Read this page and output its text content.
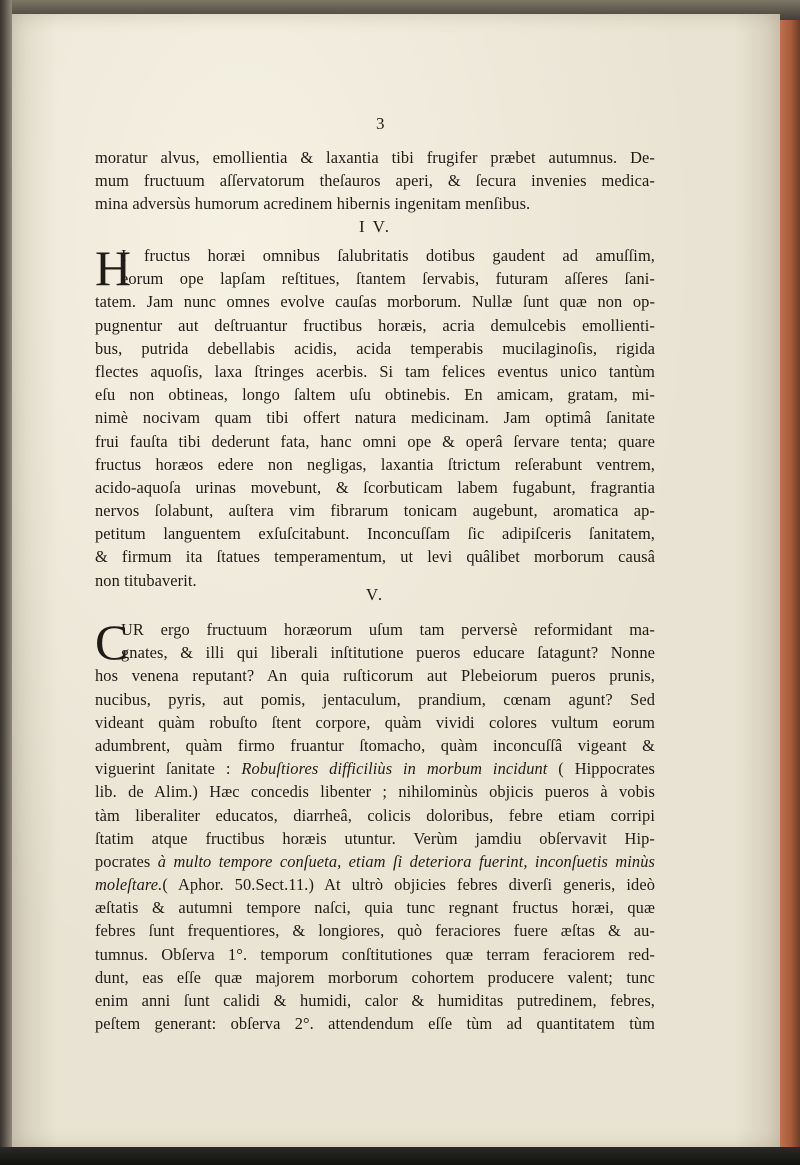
3
moratur alvus, emollientia & laxantia tibi frugifer præbet autumnus. De-
mum fructuum aſſervatorum theſauros aperi, & ſecura invenies medica-
mina adversùs humorum acredinem hibernis ingenitam menſibus.
I V.
H
I fructus horæi omnibus ſalubritatis dotibus gaudent ad amuſſim,
eorum ope lapſam reſtitues, ſtantem ſervabis, futuram aſſeres ſani-
tatem. Jam nunc omnes evolve cauſas morborum. Nullæ ſunt quæ non op-
pugnentur aut deſtruantur fructibus horæis, acria demulcebis emollienti-
bus, putrida debellabis acidis, acida temperabis mucilaginoſis, rigida
flectes aquoſis, laxa ſtringes acerbis. Si tam felices eventus unico tantùm
eſu non obtineas, longo ſaltem uſu obtinebis. En amicam, gratam, mi-
nimè nocivam quam tibi offert natura medicinam. Jam optimâ ſanitate
frui fauſta tibi dederunt fata, hanc omni ope & operâ ſervare tenta; quare
fructus horæos edere non negligas, laxantia ſtrictum reſerabunt ventrem,
acido-aquoſa urinas movebunt, & ſcorbuticam labem fugabunt, fragrantia
nervos ſolabunt, auſtera vim fibrarum tonicam augebunt, aromatica ap-
petitum languentem exſuſcitabunt. Inconcuſſam ſic adipiſceris ſanitatem,
& firmum ita ſtatues temperamentum, ut levi quâlibet morborum causâ
non titubaverit.
V.
C
UR ergo fructuum horæorum uſum tam perversè reformidant ma-
gnates, & illi qui liberali inſtitutione pueros educare ſatagunt? Nonne
hos venena reputant? An quia ruſticorum aut Plebeiorum pueros prunis,
nucibus, pyris, aut pomis, jentaculum, prandium, cœnam agunt? Sed
videant quàm robuſto ſtent corpore, quàm vividi colores vultum eorum
adumbrent, quàm firmo fruantur ſtomacho, quàm inconcuſſâ vigeant &
viguerint ſanitate : Robuſtiores difficiliùs in morbum incidunt ( Hippocrates
lib. de Alim.) Hæc concedis libenter ; nihilominùs objicis pueros à vobis
tàm liberaliter educatos, diarrheâ, colicis doloribus, febre etiam corripi
ſtatim atque fructibus horæis utuntur. Verùm jamdiu obſervavit Hip-
pocrates à multo tempore conſueta, etiam ſi deteriora fuerint, inconſuetis minùs
moleſtare.( Aphor. 50.Sect.11.) At ultrò objicies febres diverſi generis, ideò
æſtatis & autumni tempore naſci, quia tunc regnant fructus horæi, quæ
febres ſunt frequentiores, & longiores, quò feraciores fuere æſtas & au-
tumnus. Obſerva 1°. temporum conſtitutiones quæ terram feraciorem red-
dunt, eas eſſe quæ majorem morborum cohortem producere valent; tunc
enim anni ſunt calidi & humidi, calor & humiditas putredinem, febres,
peſtem generant: obſerva 2°. attendendum eſſe tùm ad quantitatem tùm
